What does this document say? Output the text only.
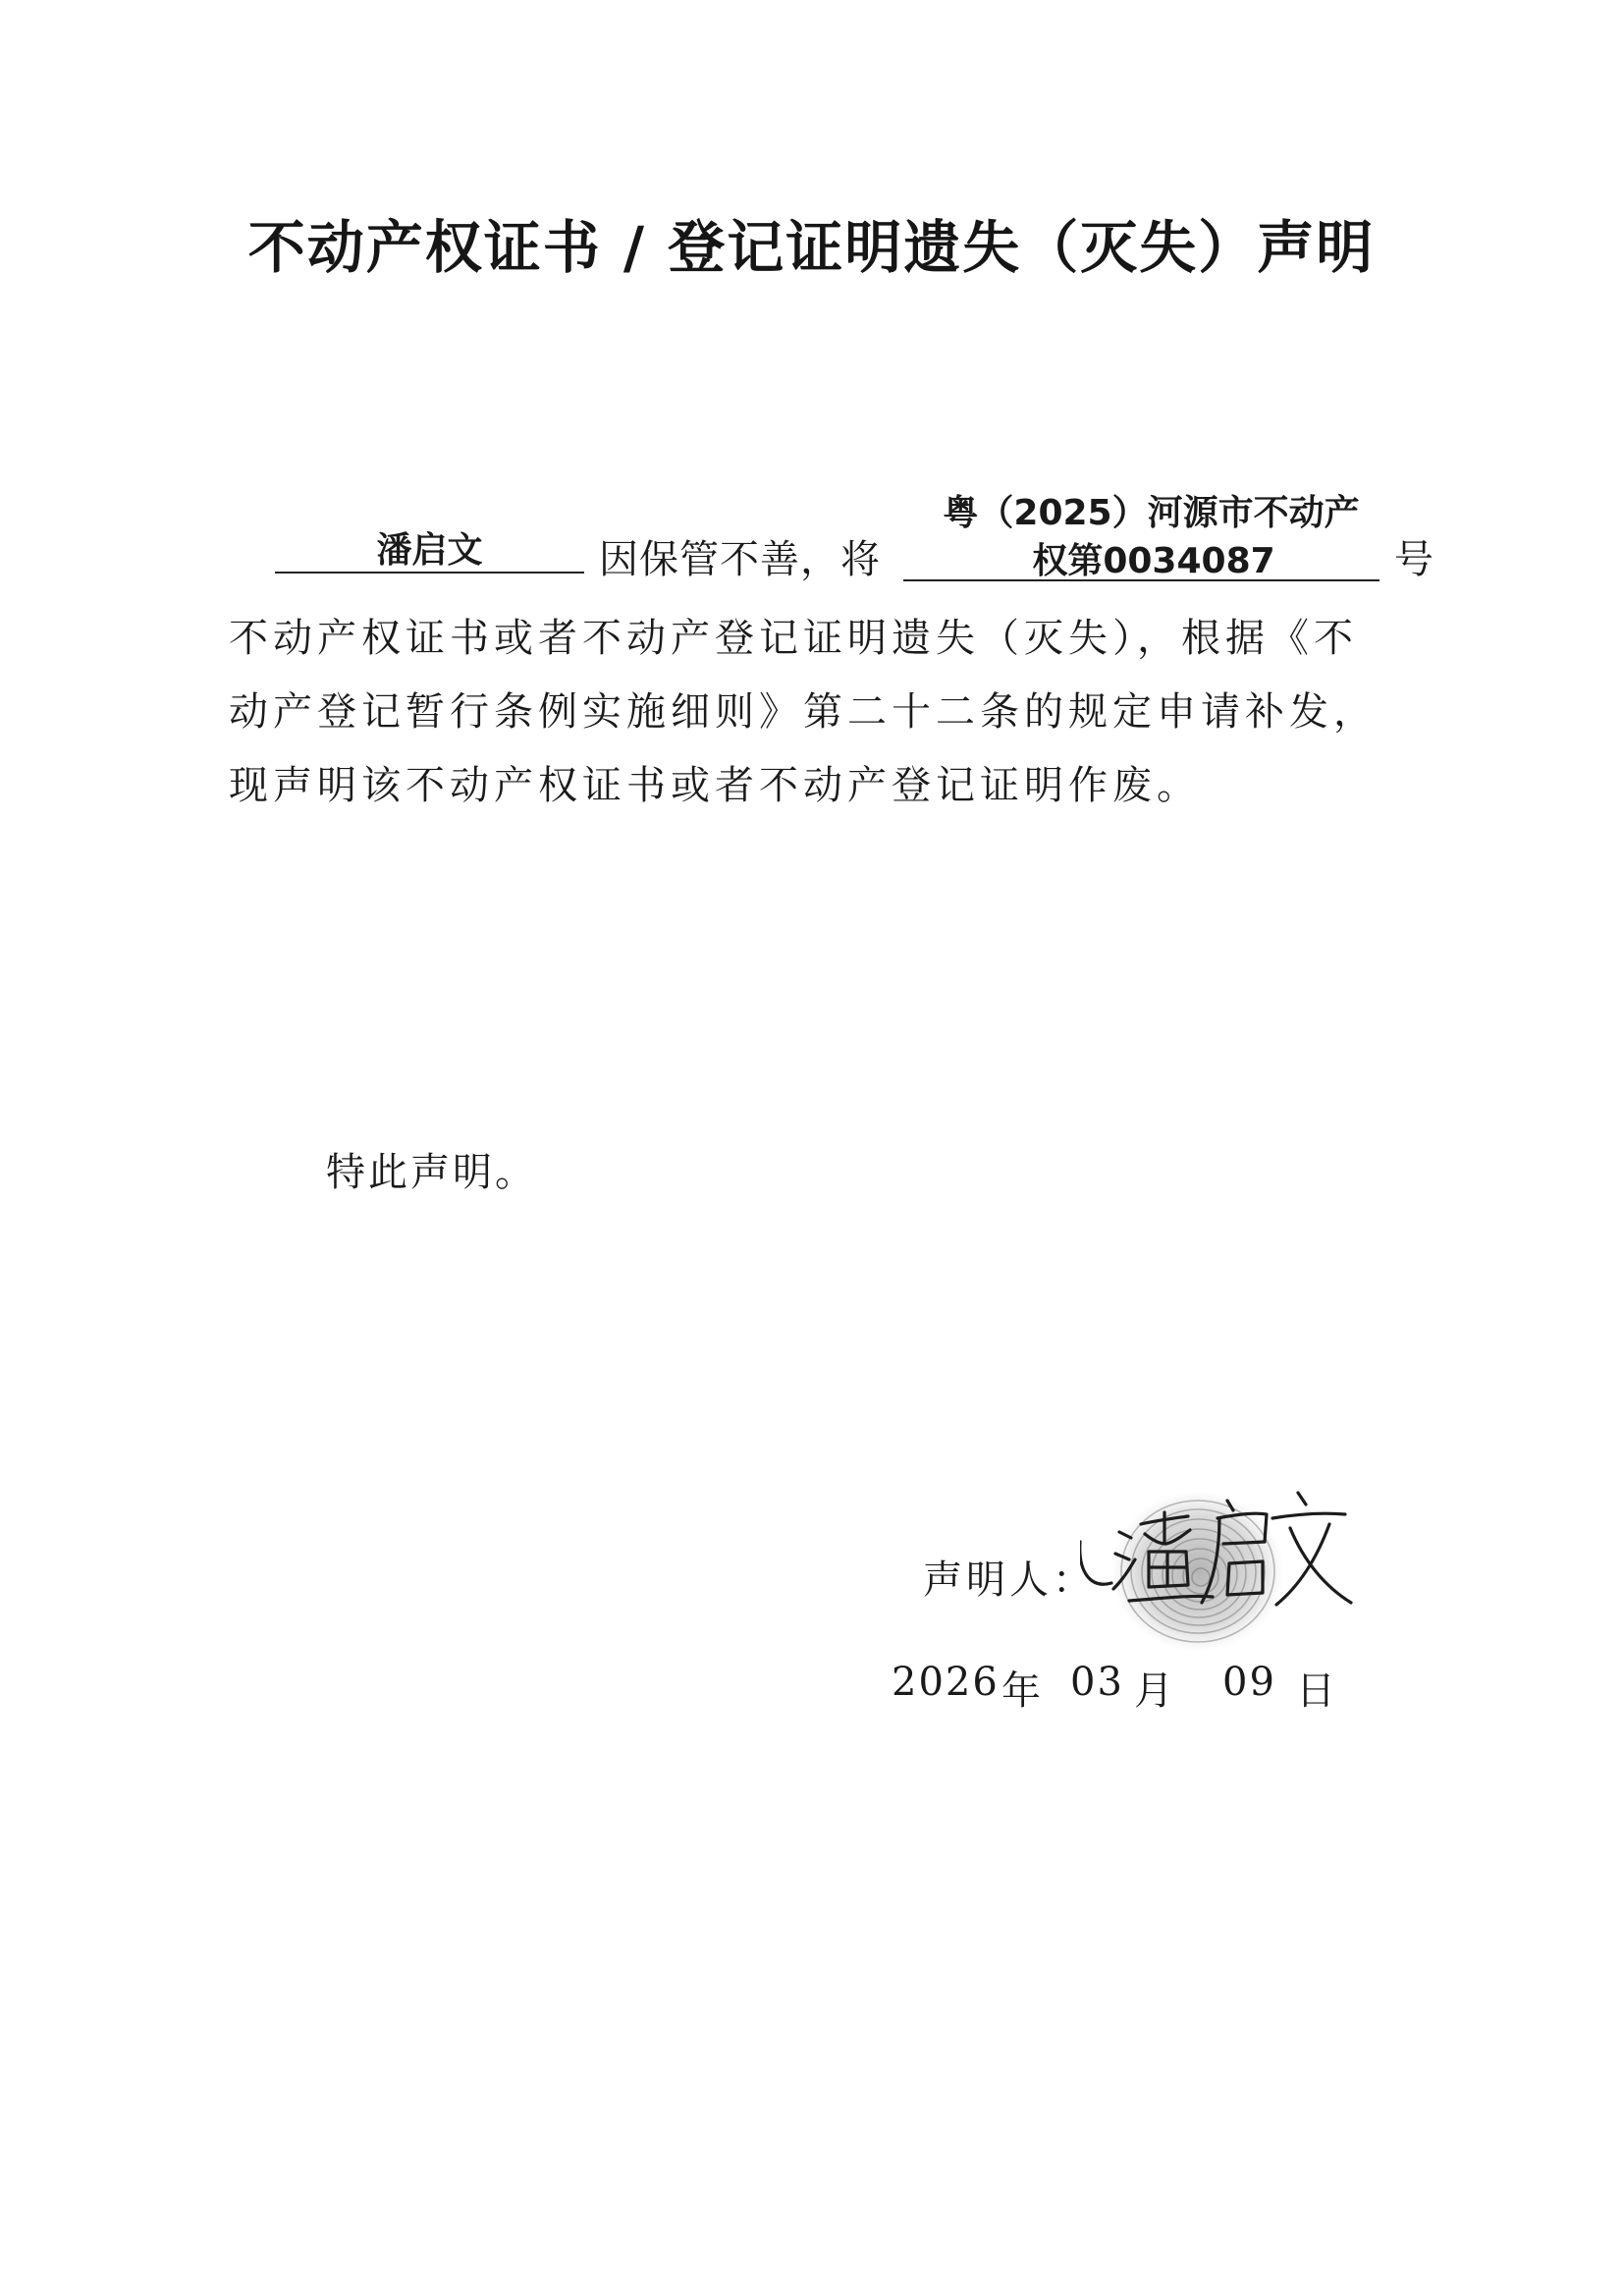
不动产权证书 / 登记证明遗失（灭失）声明
潘启文	因保管不善，将
粤（2025）河源市不动产
权第0034087	号
不动产权证书或者不动产登记证明遗失（灭失），根据《不
动产登记暂行条例实施细则》第二十二条的规定申请补发，
现声明该不动产权证书或者不动产登记证明作废。
特此声明。
声明人：
2026 年 03 月 09 日
